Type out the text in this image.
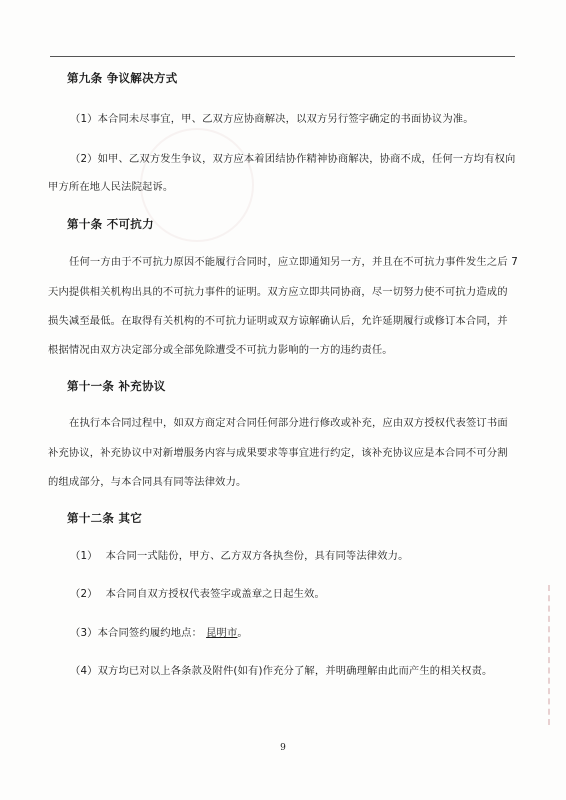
第九条 争议解决方式
（1）本合同未尽事宜，甲、乙双方应协商解决，以双方另行签字确定的书面协议为准。
（2）如甲、乙双方发生争议，双方应本着团结协作精神协商解决，协商不成，任何一方均有权向
甲方所在地人民法院起诉。
第十条 不可抗力
任何一方由于不可抗力原因不能履行合同时，应立即通知另一方，并且在不可抗力事件发生之后 7
天内提供相关机构出具的不可抗力事件的证明。双方应立即共同协商，尽一切努力使不可抗力造成的
损失减至最低。在取得有关机构的不可抗力证明或双方谅解确认后，允许延期履行或修订本合同，并
根据情况由双方决定部分或全部免除遭受不可抗力影响的一方的违约责任。
第十一条 补充协议
在执行本合同过程中，如双方商定对合同任何部分进行修改或补充，应由双方授权代表签订书面
补充协议，补充协议中对新增服务内容与成果要求等事宜进行约定，该补充协议应是本合同不可分割
的组成部分，与本合同具有同等法律效力。
第十二条 其它
（1） 本合同一式陆份，甲方、乙方双方各执叁份，具有同等法律效力。
（2） 本合同自双方授权代表签字或盖章之日起生效。
（3）本合同签约履约地点： 昆明市。
（4）双方均已对以上各条款及附件(如有)作充分了解，并明确理解由此而产生的相关权责。
9
